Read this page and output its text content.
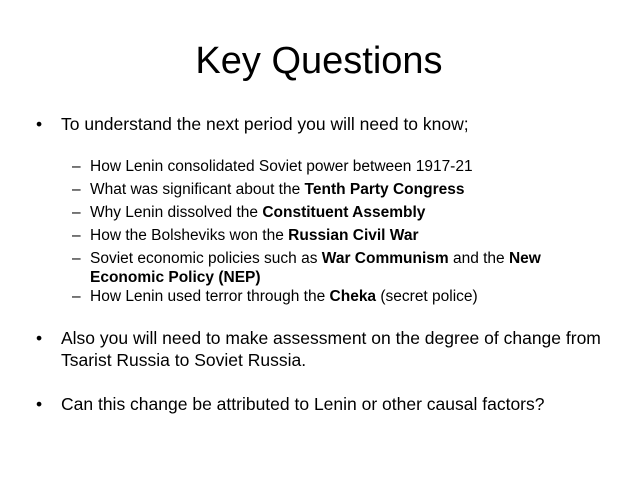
Key Questions
•	To understand the next period you will need to know;
– How Lenin consolidated Soviet power between 1917-21
– What was significant about the Tenth Party Congress
– Why Lenin dissolved the Constituent Assembly
– How the Bolsheviks won the Russian Civil War
– Soviet economic policies such as War Communism and the New Economic Policy (NEP)
– How Lenin used terror through the Cheka (secret police)
•	Also you will need to make assessment on the degree of change from Tsarist Russia to Soviet Russia.
•	Can this change be attributed to Lenin or other causal factors?
